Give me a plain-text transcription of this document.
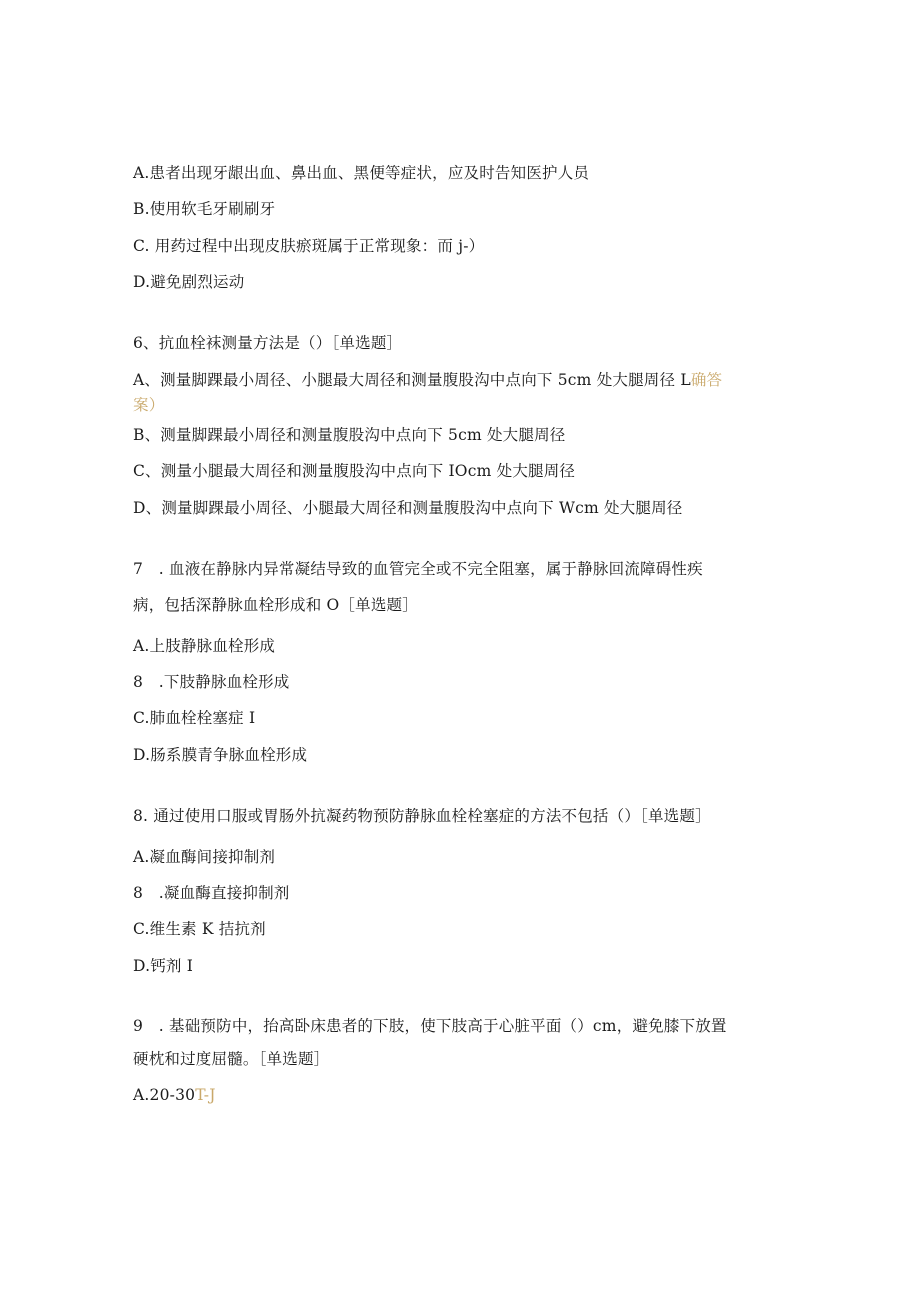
A.患者出现牙龈出血、鼻出血、黑便等症状，应及时告知医护人员
B.使用软毛牙刷刷牙
C. 用药过程中出现皮肤瘀斑属于正常现象：而 j-）
D.避免剧烈运动
6、抗血栓袜测量方法是（）［单选题］
A、测量脚踝最小周径、小腿最大周径和测量腹股沟中点向下 5cm 处大腿周径 L确答
案）
B、测量脚踝最小周径和测量腹股沟中点向下 5cm 处大腿周径
C、测量小腿最大周径和测量腹股沟中点向下 IOcm 处大腿周径
D、测量脚踝最小周径、小腿最大周径和测量腹股沟中点向下 Wcm 处大腿周径
7　. 血液在静脉内异常凝结导致的血管完全或不完全阻塞，属于静脉回流障碍性疾
病，包括深静脉血栓形成和 O［单选题］
A.上肢静脉血栓形成
8　.下肢静脉血栓形成
C.肺血栓栓塞症 I
D.肠系膜青争脉血栓形成
8. 通过使用口服或胃肠外抗凝药物预防静脉血栓栓塞症的方法不包括（）［单选题］
A.凝血酶间接抑制剂
8　.凝血酶直接抑制剂
C.维生素 K 拮抗剂
D.钙剂 I
9　. 基础预防中，抬高卧床患者的下肢，使下肢高于心脏平面（）cm，避免膝下放置
硬枕和过度屈髓。［单选题］
A.20-30T-J
